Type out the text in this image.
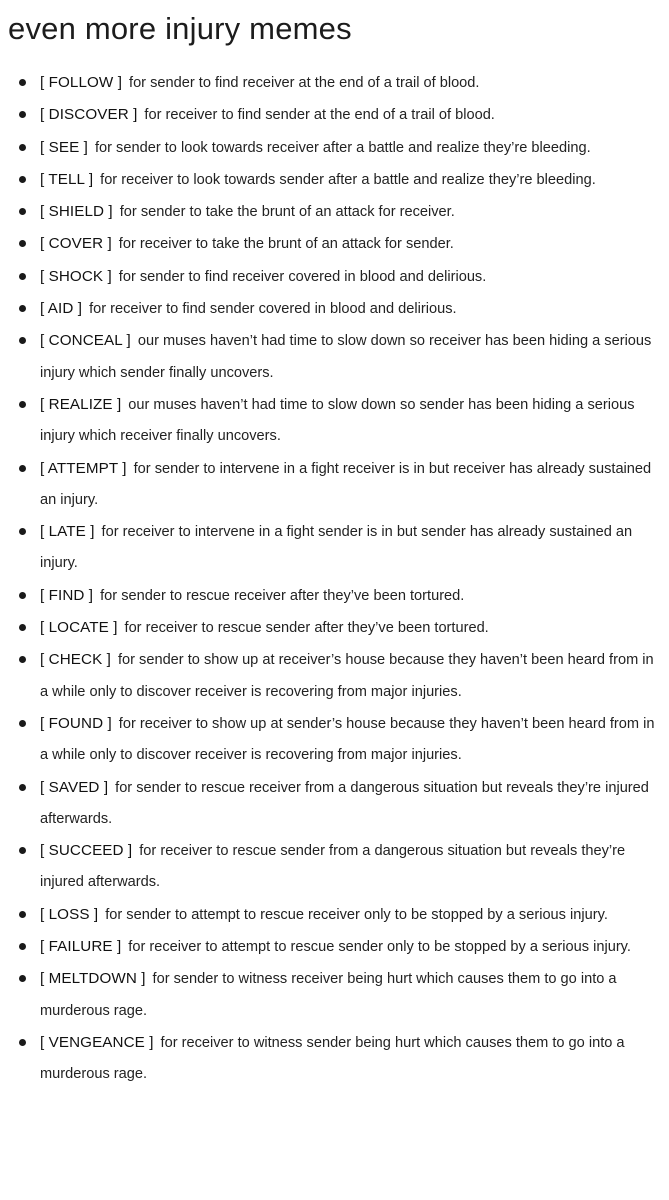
even more injury memes
[ FOLLOW ] for sender to find receiver at the end of a trail of blood.
[ DISCOVER ] for receiver to find sender at the end of a trail of blood.
[ SEE ] for sender to look towards receiver after a battle and realize they’re bleeding.
[ TELL ] for receiver to look towards sender after a battle and realize they’re bleeding.
[ SHIELD ] for sender to take the brunt of an attack for receiver.
[ COVER ] for receiver to take the brunt of an attack for sender.
[ SHOCK ] for sender to find receiver covered in blood and delirious.
[ AID ] for receiver to find sender covered in blood and delirious.
[ CONCEAL ] our muses haven’t had time to slow down so receiver has been hiding a serious injury which sender finally uncovers.
[ REALIZE ] our muses haven’t had time to slow down so sender has been hiding a serious injury which receiver finally uncovers.
[ ATTEMPT ] for sender to intervene in a fight receiver is in but receiver has already sustained an injury.
[ LATE ] for receiver to intervene in a fight sender is in but sender has already sustained an injury.
[ FIND ] for sender to rescue receiver after they’ve been tortured.
[ LOCATE ] for receiver to rescue sender after they’ve been tortured.
[ CHECK ] for sender to show up at receiver’s house because they haven’t been heard from in a while only to discover receiver is recovering from major injuries.
[ FOUND ] for receiver to show up at sender’s house because they haven’t been heard from in a while only to discover receiver is recovering from major injuries.
[ SAVED ] for sender to rescue receiver from a dangerous situation but reveals they’re injured afterwards.
[ SUCCEED ] for receiver to rescue sender from a dangerous situation but reveals they’re injured afterwards.
[ LOSS ] for sender to attempt to rescue receiver only to be stopped by a serious injury.
[ FAILURE ] for receiver to attempt to rescue sender only to be stopped by a serious injury.
[ MELTDOWN ] for sender to witness receiver being hurt which causes them to go into a murderous rage.
[ VENGEANCE ] for receiver to witness sender being hurt which causes them to go into a murderous rage.
